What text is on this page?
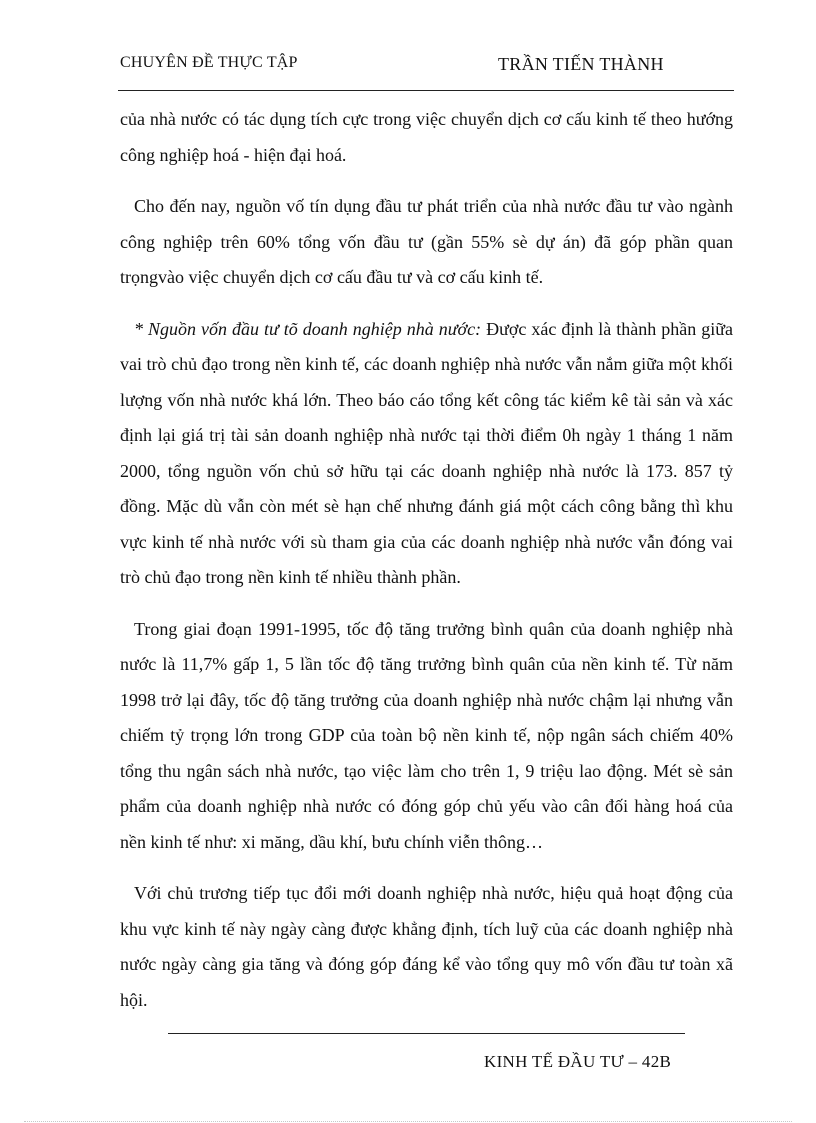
CHUYÊN ĐỀ THỰC TẬP	TRẦN TIẾN THÀNH

của nhà nước có tác dụng tích cực trong việc chuyển dịch cơ cấu kinh tế theo hướng công nghiệp hoá - hiện đại hoá.

Cho đến nay, nguồn vố tín dụng đầu tư phát triển của nhà nước đầu tư vào ngành công nghiệp trên 60% tổng vốn đầu tư (gần 55% sè dự án) đã góp phần quan trọngvào việc chuyển dịch cơ cấu đầu tư và cơ cấu kinh tế.

* Nguồn vốn đầu tư tõ doanh nghiệp nhà nước: Được xác định là thành phần giữa vai trò chủ đạo trong nền kinh tế, các doanh nghiệp nhà nước vẫn nắm giữa một khối lượng vốn nhà nước khá lớn. Theo báo cáo tổng kết công tác kiểm kê tài sản và xác định lại giá trị tài sản doanh nghiệp nhà nước tại thời điểm 0h ngày 1 tháng 1 năm 2000, tổng nguồn vốn chủ sở hữu tại các doanh nghiệp nhà nước là 173. 857 tỷ đồng. Mặc dù vẫn còn mét sè hạn chế nhưng đánh giá một cách công bằng thì khu vực kinh tế nhà nước với sù tham gia của các doanh nghiệp nhà nước vẫn đóng vai trò chủ đạo trong nền kinh tế nhiều thành phần.

Trong giai đoạn 1991-1995, tốc độ tăng trưởng bình quân của doanh nghiệp nhà nước là 11,7% gấp 1, 5 lần tốc độ tăng trưởng bình quân của nền kinh tế. Từ năm 1998 trở lại đây, tốc độ tăng trưởng của doanh nghiệp nhà nước chậm lại nhưng vẫn chiếm tỷ trọng lớn trong GDP của toàn bộ nền kinh tế, nộp ngân sách chiếm 40% tổng thu ngân sách nhà nước, tạo việc làm cho trên 1, 9 triệu lao động. Mét sè sản phẩm của doanh nghiệp nhà nước có đóng góp chủ yếu vào cân đối hàng hoá của nền kinh tế như: xi măng, dầu khí, bưu chính viễn thông…

Với chủ trương tiếp tục đổi mới doanh nghiệp nhà nước, hiệu quả hoạt động của khu vực kinh tế này ngày càng được khẳng định, tích luỹ của các doanh nghiệp nhà nước ngày càng gia tăng và đóng góp đáng kể vào tổng quy mô vốn đầu tư toàn xã hội.

KINH TẾ ĐẦU TƯ – 42B
